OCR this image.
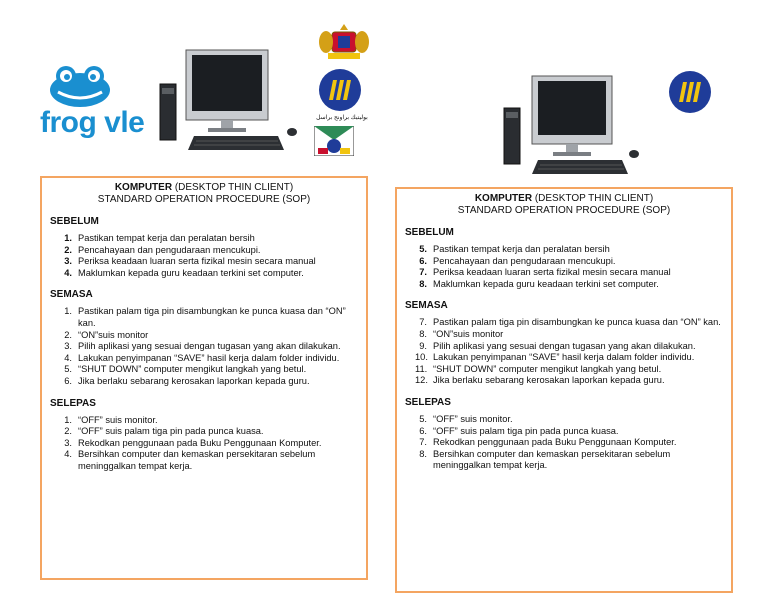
frog vle	بوليتيك براونج براسل
KOMPUTER (DESKTOP THIN CLIENT)
STANDARD OPERATION PROCEDURE (SOP)
SEBELUM
1. Pastikan tempat kerja dan peralatan bersih
2. Pencahayaan dan pengudaraan mencukupi.
3. Periksa keadaan luaran serta fizikal mesin secara manual
4. Maklumkan kepada guru keadaan terkini set computer.
SEMASA
1. Pastikan palam tiga pin disambungkan ke punca kuasa dan “ON” kan.
2. “ON”suis monitor
3. Pilih aplikasi yang sesuai dengan tugasan yang akan dilakukan.
4. Lakukan penyimpanan “SAVE” hasil kerja dalam folder individu.
5. “SHUT DOWN” computer mengikut langkah yang betul.
6. Jika berlaku sebarang kerosakan laporkan kepada guru.
SELEPAS
1. “OFF” suis monitor.
2. “OFF” suis palam tiga pin pada punca kuasa.
3. Rekodkan penggunaan pada Buku Penggunaan Komputer.
4. Bersihkan computer dan kemaskan persekitaran sebelum meninggalkan tempat kerja.
KOMPUTER (DESKTOP THIN CLIENT)
STANDARD OPERATION PROCEDURE (SOP)
SEBELUM
5. Pastikan tempat kerja dan peralatan bersih
6. Pencahayaan dan pengudaraan mencukupi.
7. Periksa keadaan luaran serta fizikal mesin secara manual
8. Maklumkan kepada guru keadaan terkini set computer.
SEMASA
7. Pastikan palam tiga pin disambungkan ke punca kuasa dan “ON” kan.
8. “ON”suis monitor
9. Pilih aplikasi yang sesuai dengan tugasan yang akan dilakukan.
10. Lakukan penyimpanan “SAVE” hasil kerja dalam folder individu.
11. “SHUT DOWN” computer mengikut langkah yang betul.
12. Jika berlaku sebarang kerosakan laporkan kepada guru.
SELEPAS
5. “OFF” suis monitor.
6. “OFF” suis palam tiga pin pada punca kuasa.
7. Rekodkan penggunaan pada Buku Penggunaan Komputer.
8. Bersihkan computer dan kemaskan persekitaran sebelum meninggalkan tempat kerja.
